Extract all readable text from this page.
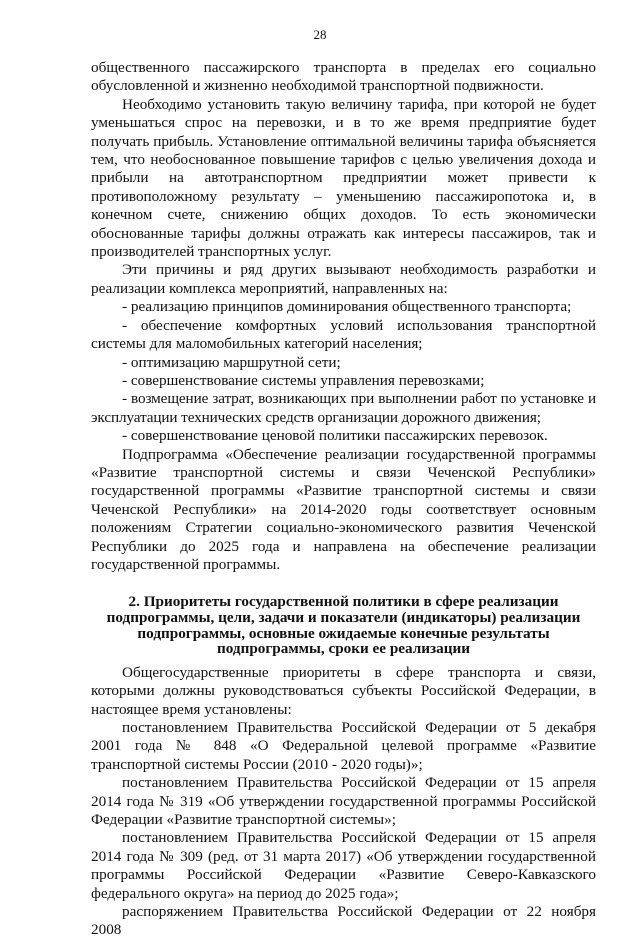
28

общественного пассажирского транспорта в пределах его социально обусловленной и жизненно необходимой транспортной подвижности.

Необходимо установить такую величину тарифа, при которой не будет уменьшаться спрос на перевозки, и в то же время предприятие будет получать прибыль. Установление оптимальной величины тарифа объясняется тем, что необоснованное повышение тарифов с целью увеличения дохода и прибыли на автотранспортном предприятии может привести к противоположному результату – уменьшению пассажиропотока и, в конечном счете, снижению общих доходов. То есть экономически обоснованные тарифы должны отражать как интересы пассажиров, так и производителей транспортных услуг.

Эти причины и ряд других вызывают необходимость разработки и реализации комплекса мероприятий, направленных на:

- реализацию принципов доминирования общественного транспорта;

- обеспечение комфортных условий использования транспортной системы для маломобильных категорий населения;

- оптимизацию маршрутной сети;

- совершенствование системы управления перевозками;

- возмещение затрат, возникающих при выполнении работ по установке и эксплуатации технических средств организации дорожного движения;

- совершенствование ценовой политики пассажирских перевозок.

Подпрограмма «Обеспечение реализации государственной программы «Развитие транспортной системы и связи Чеченской Республики» государственной программы «Развитие транспортной системы и связи Чеченской Республики» на 2014-2020 годы соответствует основным положениям Стратегии социально-экономического развития Чеченской Республики до 2025 года и направлена на обеспечение реализации государственной программы.

2. Приоритеты государственной политики в сфере реализации подпрограммы, цели, задачи и показатели (индикаторы) реализации подпрограммы, основные ожидаемые конечные результаты подпрограммы, сроки ее реализации

Общегосударственные приоритеты в сфере транспорта и связи, которыми должны руководствоваться субъекты Российской Федерации, в настоящее время установлены:

постановлением Правительства Российской Федерации от 5 декабря 2001 года № 848 «О Федеральной целевой программе «Развитие транспортной системы России (2010 - 2020 годы)»;

постановлением Правительства Российской Федерации от 15 апреля 2014 года № 319 «Об утверждении государственной программы Российской Федерации «Развитие транспортной системы»;

постановлением Правительства Российской Федерации от 15 апреля 2014 года № 309 (ред. от 31 марта 2017) «Об утверждении государственной программы Российской Федерации «Развитие Северо-Кавказского федерального округа» на период до 2025 года»;

распоряжением Правительства Российской Федерации от 22 ноября 2008
